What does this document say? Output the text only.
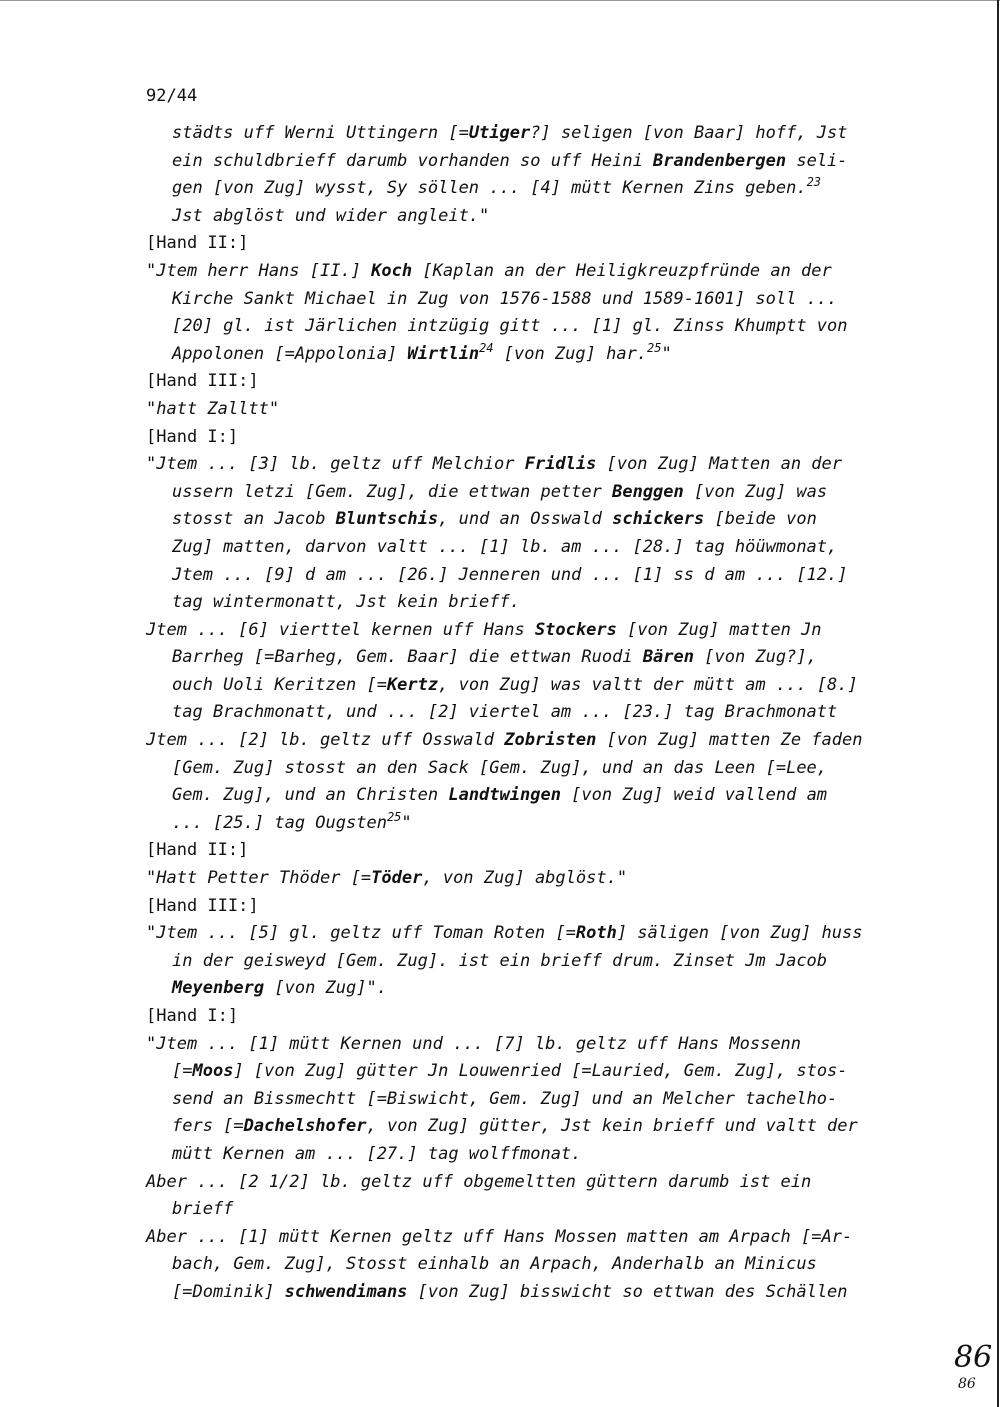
92/44
städts uff Werni Uttingern [=Utiger?] seligen [von Baar] hoff, Jst
ein schuldbrieff darumb vorhanden so uff Heini Brandenbergen seli-
gen [von Zug] wysst, Sy söllen ... [4] mütt Kernen Zins geben.$^{23}$
Jst abglöst und wider angleit."
[Hand II:]
"Jtem herr Hans [II.] Koch [Kaplan an der Heiligkreuzpfründe an der
Kirche Sankt Michael in Zug von 1576-1588 und 1589-1601] soll ...
[20] gl. ist Järlichen intzügig gitt ... [1] gl. Zinss Khumptt von
Appolonen [=Appolonia] Wirtlin$^{24}$ [von Zug] har.$^{25}$"
[Hand III:]
"hatt Zalltt"
[Hand I:]
"Jtem ... [3] lb. geltz uff Melchior Fridlis [von Zug] Matten an der
ussern letzi [Gem. Zug], die ettwan petter Benggen [von Zug] was
stosst an Jacob Bluntschis, und an Osswald schickers [beide von
Zug] matten, darvon valtt ... [1] lb. am ... [28.] tag höüwmonat,
Jtem ... [9] d am ... [26.] Jenneren und ... [1] ss d am ... [12.]
tag wintermonatt, Jst kein brieff.
Jtem ... [6] vierttel kernen uff Hans Stockers [von Zug] matten Jn
Barrheg [=Barheg, Gem. Baar] die ettwan Ruodi Bären [von Zug?],
ouch Uoli Keritzen [=Kertz, von Zug] was valtt der mütt am ... [8.]
tag Brachmonatt, und ... [2] viertel am ... [23.] tag Brachmonatt
Jtem ... [2] lb. geltz uff Osswald Zobristen [von Zug] matten Ze faden
[Gem. Zug] stosst an den Sack [Gem. Zug], und an das Leen [=Lee,
Gem. Zug], und an Christen Landtwingen [von Zug] weid vallend am
... [25.] tag Ougsten$^{25}$"
[Hand II:]
"Hatt Petter Thöder [=Töder, von Zug] abglöst."
[Hand III:]
"Jtem ... [5] gl. geltz uff Toman Roten [=Roth] säligen [von Zug] huss
in der geisweyd [Gem. Zug]. ist ein brieff drum. Zinset Jm Jacob
Meyenberg [von Zug]".
[Hand I:]
"Jtem ... [1] mütt Kernen und ... [7] lb. geltz uff Hans Mossenn
[=Moos] [von Zug] gütter Jn Louwenried [=Lauried, Gem. Zug], stos-
send an Bissmechtt [=Biswicht, Gem. Zug] und an Melcher tachelho-
fers [=Dachelshofer, von Zug] gütter, Jst kein brieff und valtt der
mütt Kernen am ... [27.] tag wolffmonat.
Aber ... [2 1/2] lb. geltz uff obgemeltten güttern darumb ist ein
brieff
Aber ... [1] mütt Kernen geltz uff Hans Mossen matten am Arpach [=Ar-
bach, Gem. Zug], Stosst einhalb an Arpach, Anderhalb an Minicus
[=Dominik] schwendimans [von Zug] bisswicht so ettwan des Schällen
86
86
